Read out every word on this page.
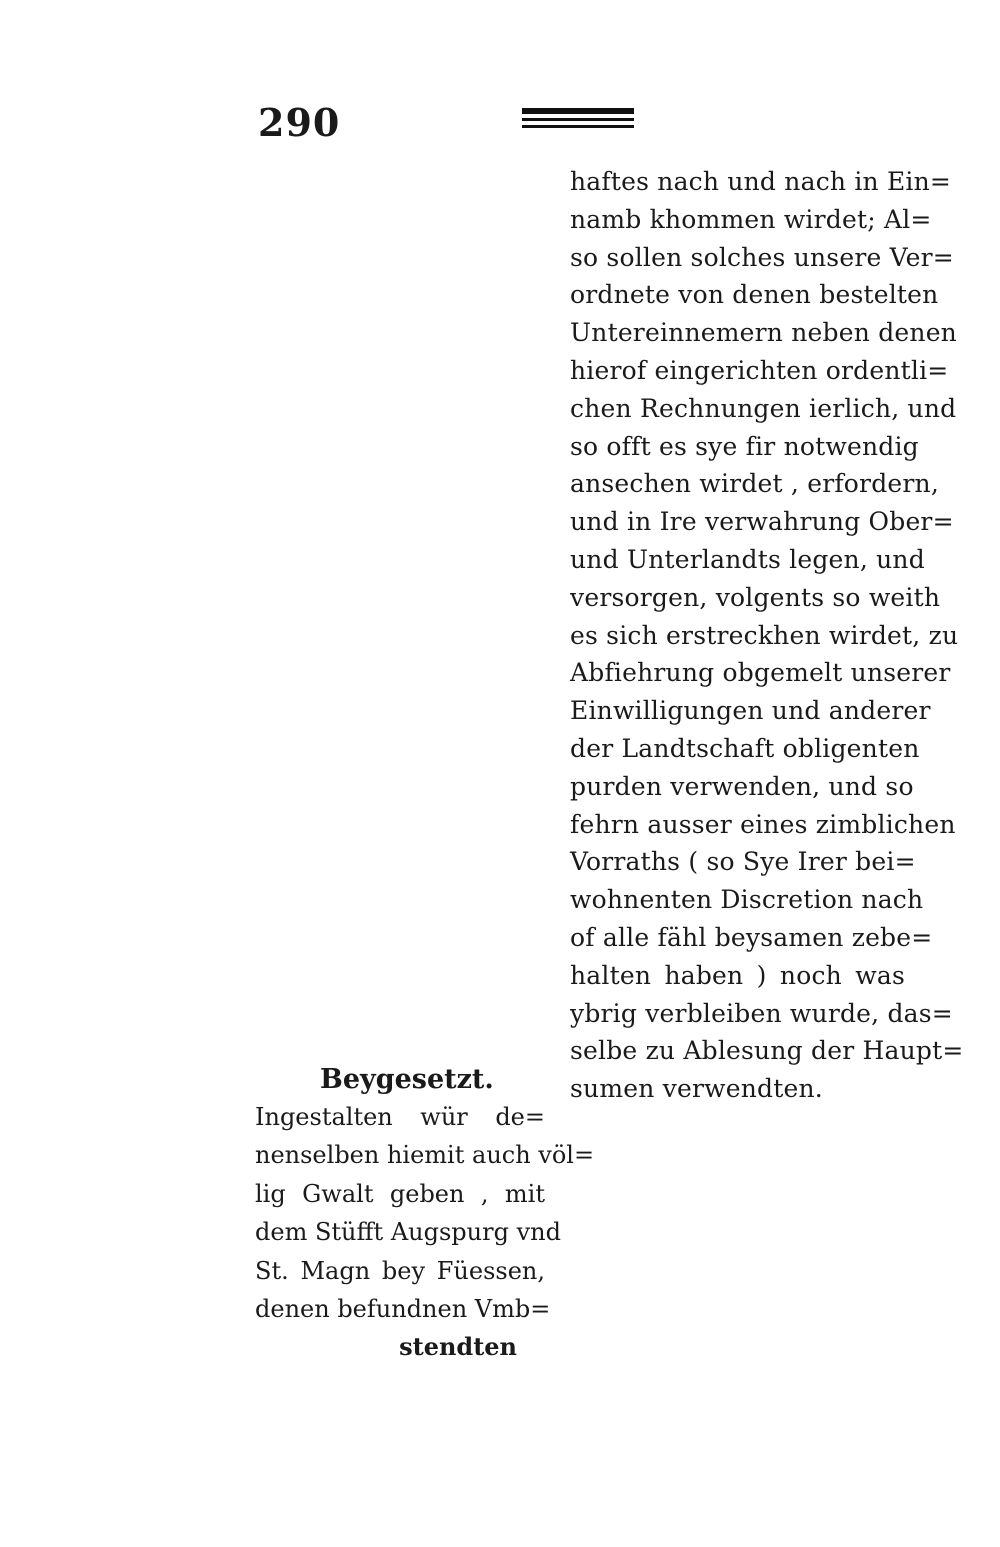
290
haftes nach und nach in Ein=
namb khommen wirdet; Al=
so sollen solches unsere Ver=
ordnete von denen bestelten
Untereinnemern neben denen
hierof eingerichten ordentli=
chen Rechnungen ierlich, und
so offt es sye fir notwendig
ansechen wirdet , erfordern,
und in Ire verwahrung Ober=
und Unterlandts legen, und
versorgen, volgents so weith
es sich erstreckhen wirdet, zu
Abfiehrung obgemelt unserer
Einwilligungen und anderer
der Landtschaft obligenten
purden verwenden, und so
fehrn ausser eines zimblichen
Vorraths ( so Sye Irer bei=
wohnenten Discretion nach
of alle fähl beysamen zebe=
halten haben ) noch was
ybrig verbleiben wurde, das=
selbe zu Ablesung der Haupt=
sumen verwendten.
Beygesetzt.
Ingestalten wür de=
nenselben hiemit auch völ=
lig Gwalt geben , mit
dem Stüfft Augspurg vnd
St. Magn bey Füessen,
denen befundnen Vmb=
stendten
